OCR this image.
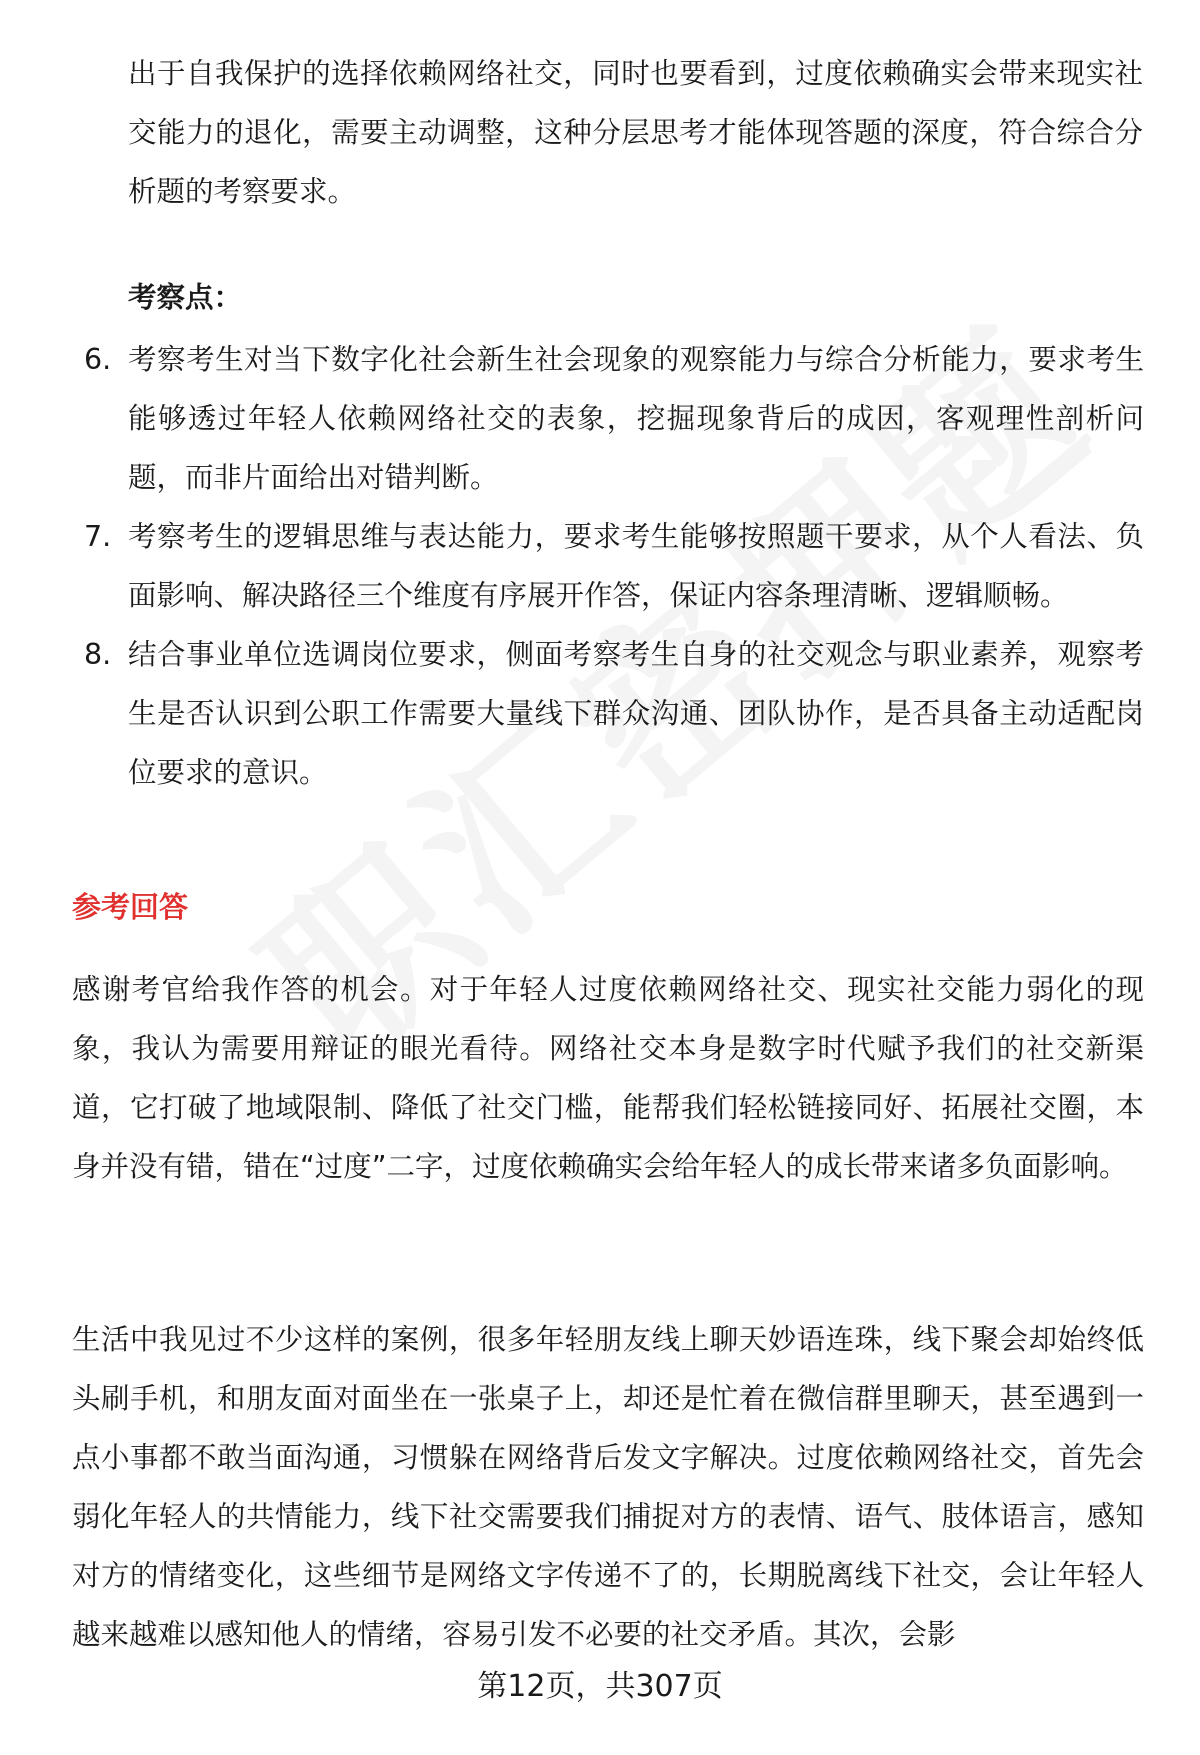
出于自我保护的选择依赖网络社交，同时也要看到，过度依赖确实会带来现实社交能力的退化，需要主动调整，这种分层思考才能体现答题的深度，符合综合分析题的考察要求。

考察点：
6. 考察考生对当下数字化社会新生社会现象的观察能力与综合分析能力，要求考生能够透过年轻人依赖网络社交的表象，挖掘现象背后的成因，客观理性剖析问题，而非片面给出对错判断。
7. 考察考生的逻辑思维与表达能力，要求考生能够按照题干要求，从个人看法、负面影响、解决路径三个维度有序展开作答，保证内容条理清晰、逻辑顺畅。
8. 结合事业单位选调岗位要求，侧面考察考生自身的社交观念与职业素养，观察考生是否认识到公职工作需要大量线下群众沟通、团队协作，是否具备主动适配岗位要求的意识。
参考回答

感谢考官给我作答的机会。对于年轻人过度依赖网络社交、现实社交能力弱化的现象，我认为需要用辩证的眼光看待。网络社交本身是数字时代赋予我们的社交新渠道，它打破了地域限制、降低了社交门槛，能帮我们轻松链接同好、拓展社交圈，本身并没有错，错在“过度”二字，过度依赖确实会给年轻人的成长带来诸多负面影响。

生活中我见过不少这样的案例，很多年轻朋友线上聊天妙语连珠，线下聚会却始终低头刷手机，和朋友面对面坐在一张桌子上，却还是忙着在微信群里聊天，甚至遇到一点小事都不敢当面沟通，习惯躲在网络背后发文字解决。过度依赖网络社交，首先会弱化年轻人的共情能力，线下社交需要我们捕捉对方的表情、语气、肢体语言，感知对方的情绪变化，这些细节是网络文字传递不了的，长期脱离线下社交，会让年轻人越来越难以感知他人的情绪，容易引发不必要的社交矛盾。其次，会影

第12页，共307页
